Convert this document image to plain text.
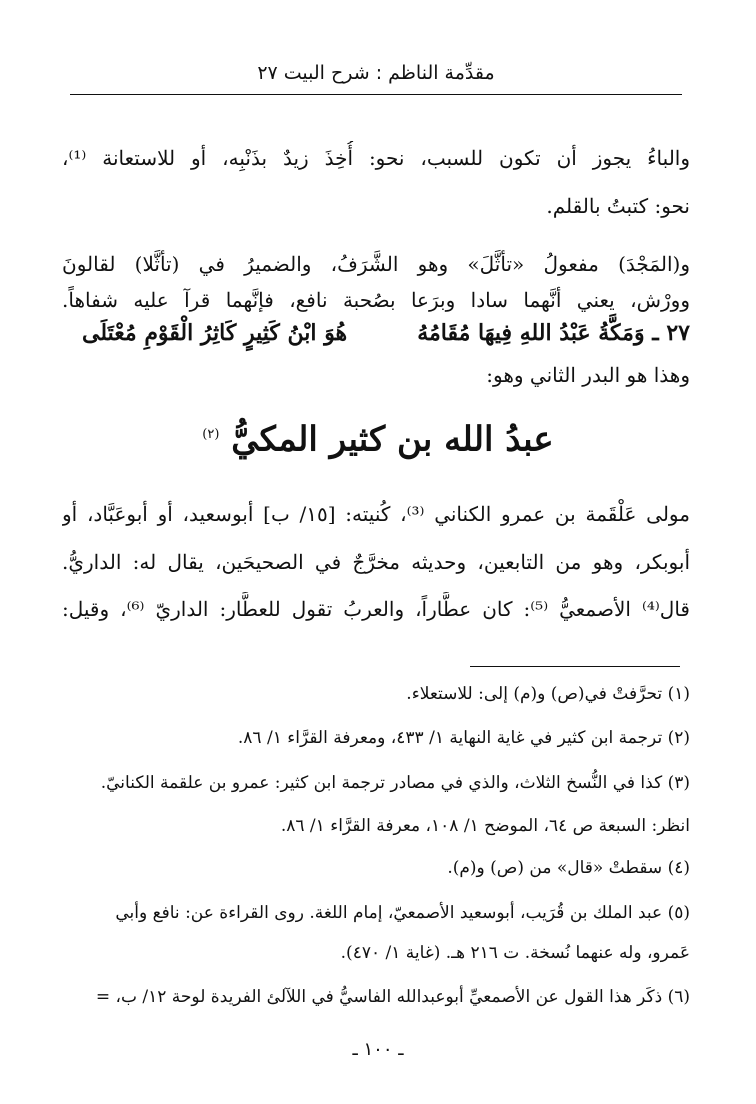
مقدِّمة الناظم : شرح البيت ٢٧
والباءُ يجوز أن تكون للسبب، نحو: أُخِذَ زيدٌ بذَنْبِه، أو للاستعانة ⁽¹⁾،
نحو: كتبتُ بالقلم.
و(المَجْدَ) مفعولُ «تأثَّلَ» وهو الشَّرَفُ، والضميرُ في (تأثَّلا) لقالونَ
وورْش، يعني أنَّهما سادا وبرَعا بصُحبة نافع، فإنَّهما قرآ عليه شفاهاً.
٢٧ ـ وَمَكَّةُ عَبْدُ اللهِ فِيهَا مُقَامُهُ
هُوَ ابْنُ كَثِيرٍ كَاثِرُ الْقَوْمِ مُعْتَلَى
وهذا هو البدر الثاني وهو:
عبدُ الله بن كثير المكيُّ $^{(٢)}$
مولى عَلْقَمة بن عمرو الكناني ⁽³⁾، كُنيته: [١٥/ ب] أبوسعيد، أو أبوعَبَّاد، أو
أبوبكر، وهو من التابعين، وحديثه مخرَّجٌ في الصحيحَين، يقال له: الداريُّ.
قال⁽⁴⁾ الأصمعيُّ ⁽⁵⁾: كان عطَّاراً، والعربُ تقول للعطَّار: الداريّ ⁽⁶⁾، وقيل:
(١) تحرَّفتْ في(ص) و(م) إلى: للاستعلاء.
(٢) ترجمة ابن كثير في غاية النهاية ١/ ٤٣٣، ومعرفة القرَّاء ١/ ٨٦.
(٣) كذا في النُّسخ الثلاث، والذي في مصادر ترجمة ابن كثير: عمرو بن علقمة الكنانيّ.
انظر: السبعة ص ٦٤، الموضح ١/ ١٠٨، معرفة القرَّاء ١/ ٨٦.
(٤) سقطتْ «قال» من (ص) و(م).
(٥) عبد الملك بن قُرَيب، أبوسعيد الأصمعيّ، إمام اللغة. روى القراءة عن: نافع وأبي
عَمرو، وله عنهما نُسخة. ت ٢١٦ هـ. (غاية ١/ ٤٧٠).
(٦) ذكَر هذا القول عن الأصمعيِّ أبوعبدالله الفاسيُّ في اللآلئ الفريدة لوحة ١٢/ ب، =
ـ ١٠٠ ـ
